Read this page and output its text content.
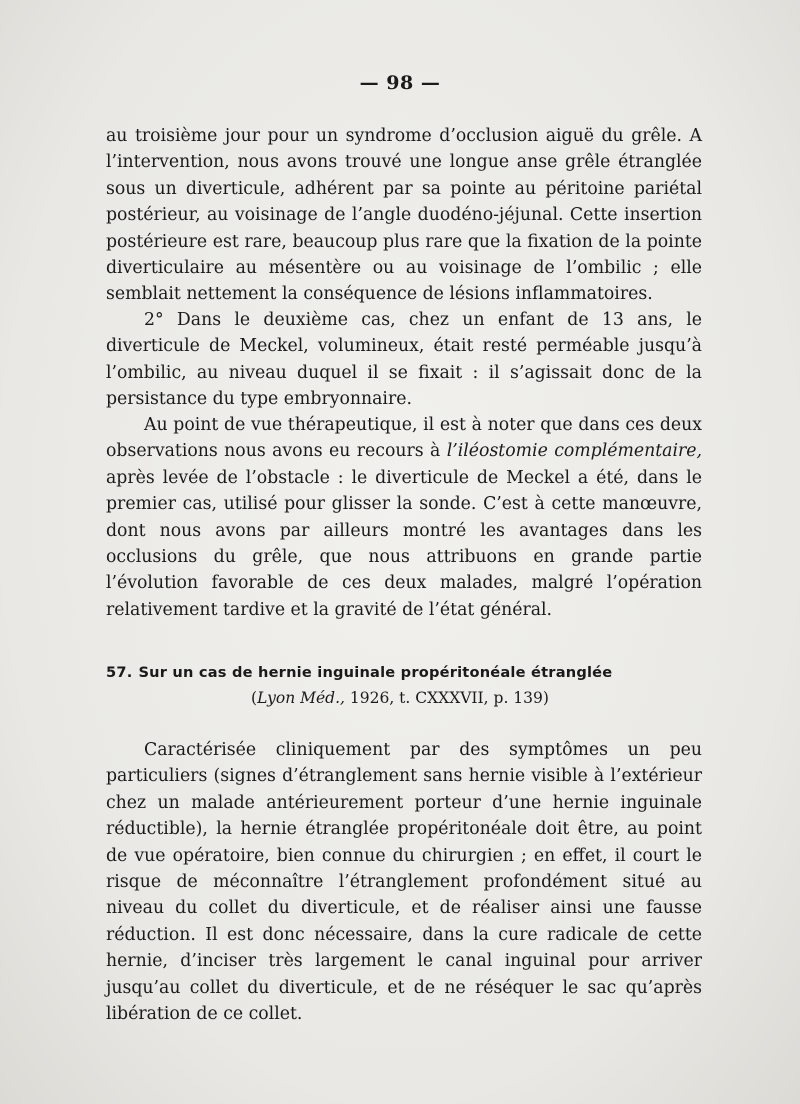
— 98 —

au troisième jour pour un syndrome d’occlusion aiguë du grêle. A l’intervention, nous avons trouvé une longue anse grêle étranglée sous un diverticule, adhérent par sa pointe au péritoine pariétal postérieur, au voisinage de l’angle duodéno-jéjunal. Cette insertion postérieure est rare, beaucoup plus rare que la fixation de la pointe diverticulaire au mésentère ou au voisinage de l’ombilic ; elle semblait nettement la conséquence de lésions inflammatoires.

2° Dans le deuxième cas, chez un enfant de 13 ans, le diverticule de Meckel, volumineux, était resté perméable jusqu’à l’ombilic, au niveau duquel il se fixait : il s’agissait donc de la persistance du type embryonnaire.

Au point de vue thérapeutique, il est à noter que dans ces deux observations nous avons eu recours à l’iléostomie complémentaire, après levée de l’obstacle : le diverticule de Meckel a été, dans le premier cas, utilisé pour glisser la sonde. C’est à cette manœuvre, dont nous avons par ailleurs montré les avantages dans les occlusions du grêle, que nous attribuons en grande partie l’évolution favorable de ces deux malades, malgré l’opération relativement tardive et la gravité de l’état général.

57. Sur un cas de hernie inguinale propéritonéale étranglée
(Lyon Méd., 1926, t. CXXXVII, p. 139)

Caractérisée cliniquement par des symptômes un peu particuliers (signes d’étranglement sans hernie visible à l’extérieur chez un malade antérieurement porteur d’une hernie inguinale réductible), la hernie étranglée propéritonéale doit être, au point de vue opératoire, bien connue du chirurgien ; en effet, il court le risque de méconnaître l’étranglement profondément situé au niveau du collet du diverticule, et de réaliser ainsi une fausse réduction. Il est donc nécessaire, dans la cure radicale de cette hernie, d’inciser très largement le canal inguinal pour arriver jusqu’au collet du diverticule, et de ne réséquer le sac qu’après libération de ce collet.
